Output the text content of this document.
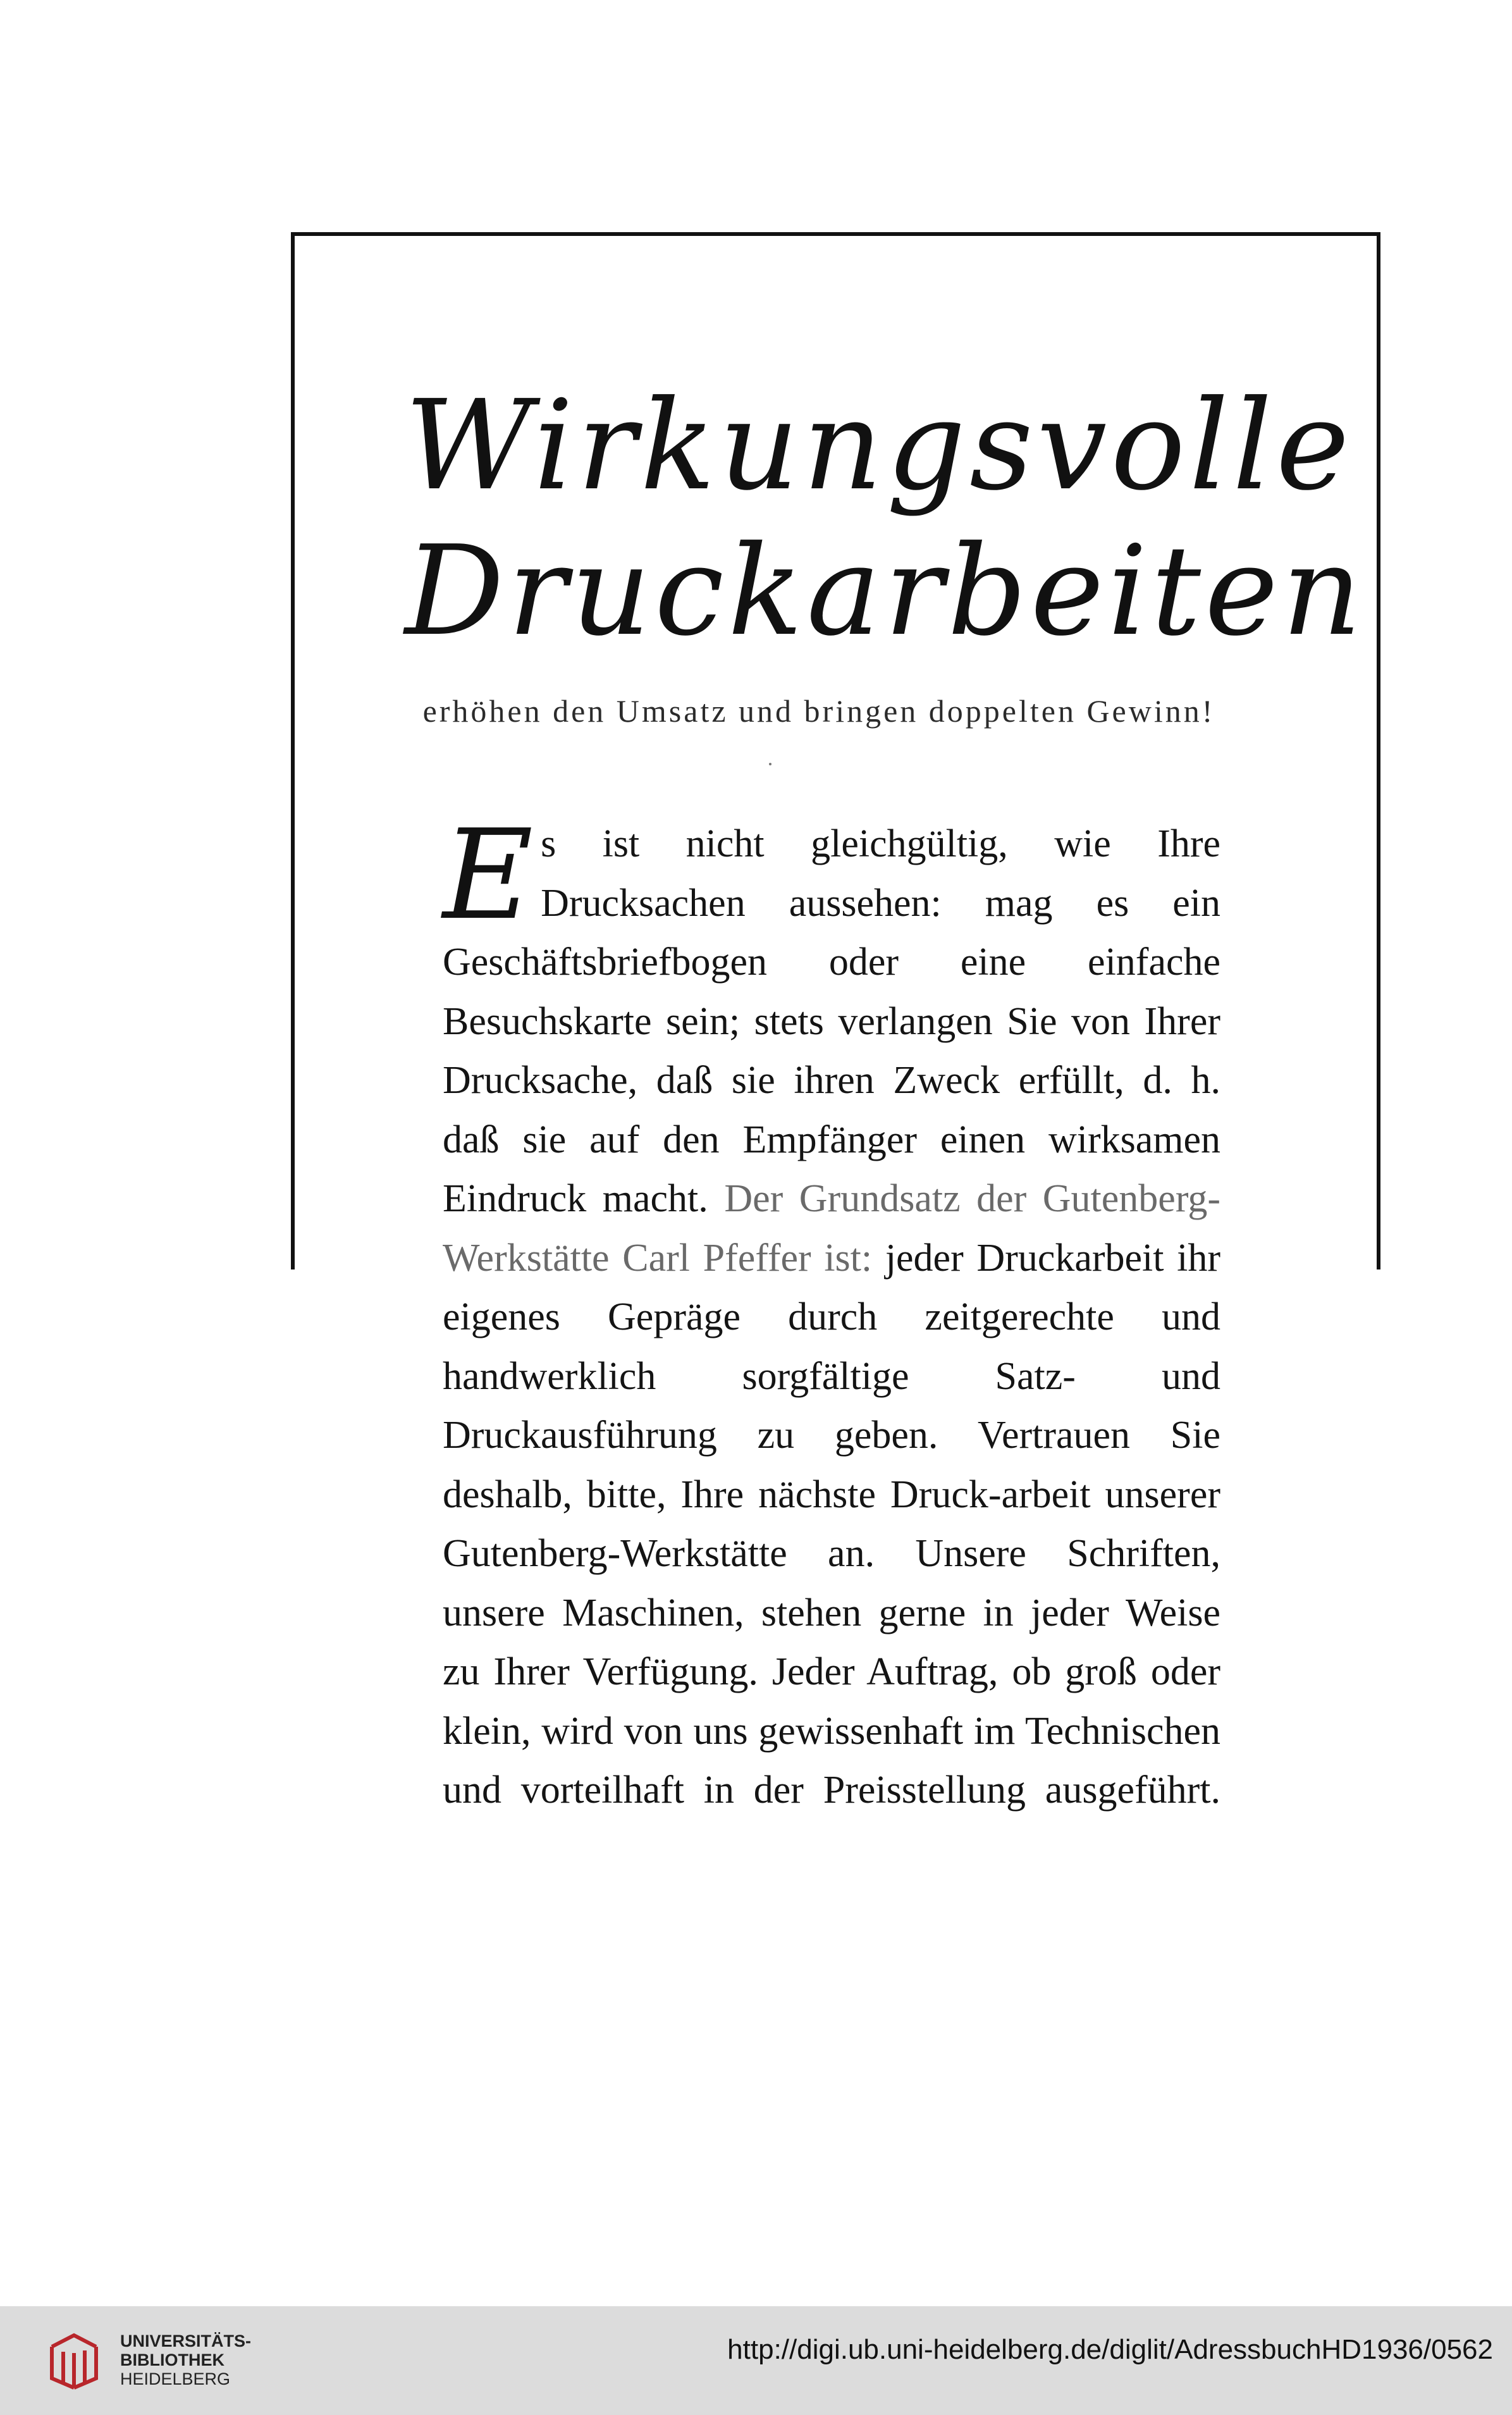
Wirkungsvolle
Druckarbeiten
erhöhen den Umsatz und bringen doppelten Gewinn!

Es ist nicht gleichgültig, wie Ihre Drucksachen aussehen: mag es ein Geschäftsbriefbogen oder eine einfache Besuchskarte sein; stets verlangen Sie von Ihrer Drucksache, daß sie ihren Zweck erfüllt, d. h. daß sie auf den Empfänger einen wirksamen Eindruck macht. Der Grundsatz der Gutenberg-Werkstätte Carl Pfeffer ist: jeder Druckarbeit ihr eigenes Gepräge durch zeitgerechte und handwerklich sorgfältige Satz- und Druckausführung zu geben. Vertrauen Sie deshalb, bitte, Ihre nächste Druck-arbeit unserer Gutenberg-Werkstätte an. Unsere Schriften, unsere Maschinen, stehen gerne in jeder Weise zu Ihrer Verfügung. Jeder Auftrag, ob groß oder klein, wird von uns gewissenhaft im Technischen und vorteilhaft in der Preisstellung ausgeführt.

UNIVERSITÄTS-
BIBLIOTHEK
HEIDELBERG
http://digi.ub.uni-heidelberg.de/diglit/AdressbuchHD1936/0562
